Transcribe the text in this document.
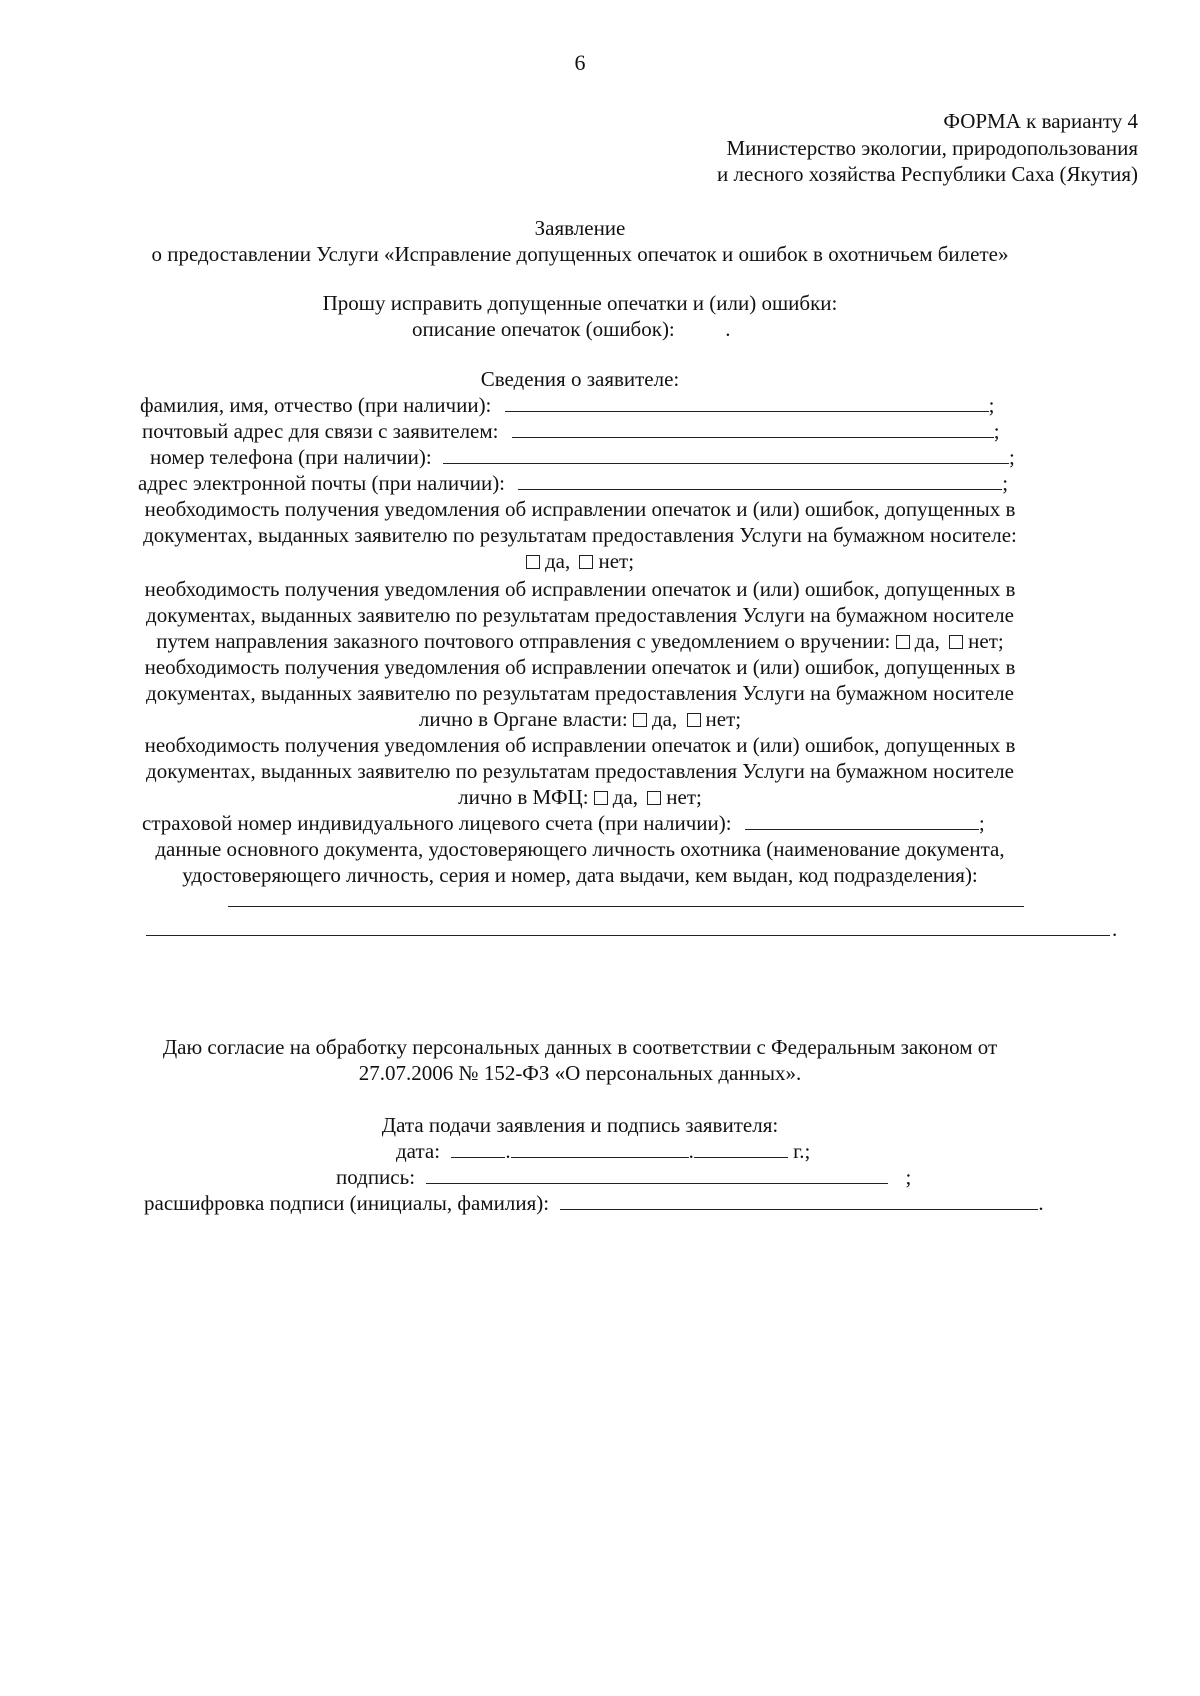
6
ФОРМА к варианту 4
Министерство экологии, природопользования
и лесного хозяйства Республики Саха (Якутия)
Заявление
о предоставлении Услуги «Исправление допущенных опечаток и ошибок в охотничьем билете»
Прошу исправить допущенные опечатки и (или) ошибки:
описание опечаток (ошибок): .
Сведения о заявителе:
фамилия, имя, отчество (при наличии):	;
почтовый адрес для связи с заявителем:	;
номер телефона (при наличии):	;
адрес электронной почты (при наличии):	;
необходимость получения уведомления об исправлении опечаток и (или) ошибок, допущенных в
документах, выданных заявителю по результатам предоставления Услуги на бумажном носителе:
да, нет;
необходимость получения уведомления об исправлении опечаток и (или) ошибок, допущенных в
документах, выданных заявителю по результатам предоставления Услуги на бумажном носителе
путем направления заказного почтового отправления с уведомлением о вручении: да, нет;
необходимость получения уведомления об исправлении опечаток и (или) ошибок, допущенных в
документах, выданных заявителю по результатам предоставления Услуги на бумажном носителе
лично в Органе власти: да, нет;
необходимость получения уведомления об исправлении опечаток и (или) ошибок, допущенных в
документах, выданных заявителю по результатам предоставления Услуги на бумажном носителе
лично в МФЦ: да, нет;
страховой номер индивидуального лицевого счета (при наличии):	;
данные основного документа, удостоверяющего личность охотника (наименование документа,
удостоверяющего личность, серия и номер, дата выдачи, кем выдан, код подразделения):
.
Даю согласие на обработку персональных данных в соответствии с Федеральным законом от
27.07.2006 № 152-ФЗ «О персональных данных».
Дата подачи заявления и подпись заявителя:
дата:	.	.	г.;
подпись:	;
расшифровка подписи (инициалы, фамилия):	.
